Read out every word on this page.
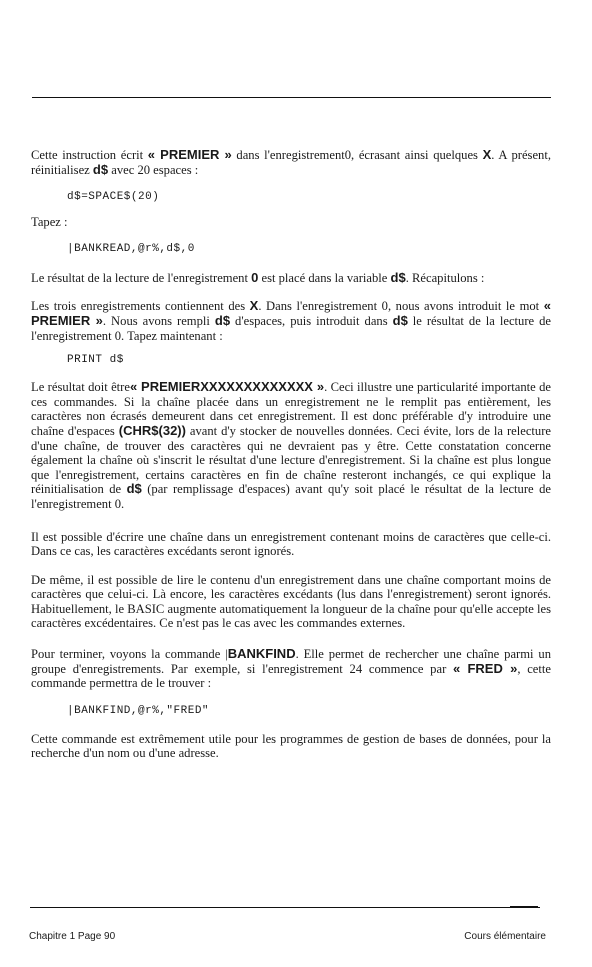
Cette instruction écrit « PREMIER » dans l'enregistrement0, écrasant ainsi quelques X. A présent, réinitialisez d$ avec 20 espaces :

d$=SPACE$(20)

Tapez :

|BANKREAD,@r%,d$,0

Le résultat de la lecture de l'enregistrement 0 est placé dans la variable d$. Récapitulons :

Les trois enregistrements contiennent des X. Dans l'enregistrement 0, nous avons introduit le mot « PREMIER ». Nous avons rempli d$ d'espaces, puis introduit dans d$ le résultat de la lecture de l'enregistrement 0. Tapez maintenant :

PRINT d$

Le résultat doit être« PREMIERXXXXXXXXXXXXX ». Ceci illustre une particularité importante de ces commandes. Si la chaîne placée dans un enregistrement ne le remplit pas entièrement, les caractères non écrasés demeurent dans cet enregistrement. Il est donc préférable d'y introduire une chaîne d'espaces (CHR$(32)) avant d'y stocker de nouvelles données. Ceci évite, lors de la relecture d'une chaîne, de trouver des caractères qui ne devraient pas y être. Cette constatation concerne également la chaîne où s'inscrit le résultat d'une lecture d'enregistrement. Si la chaîne est plus longue que l'enregistrement, certains caractères en fin de chaîne resteront inchangés, ce qui explique la réinitialisation de d$ (par remplissage d'espaces) avant qu'y soit placé le résultat de la lecture de l'enregistrement 0.

Il est possible d'écrire une chaîne dans un enregistrement contenant moins de caractères que celle-ci. Dans ce cas, les caractères excédants seront ignorés.

De même, il est possible de lire le contenu d'un enregistrement dans une chaîne comportant moins de caractères que celui-ci. Là encore, les caractères excédants (lus dans l'enregistrement) seront ignorés. Habituellement, le BASIC augmente automatiquement la longueur de la chaîne pour qu'elle accepte les caractères excédentaires. Ce n'est pas le cas avec les commandes externes.

Pour terminer, voyons la commande |BANKFIND. Elle permet de rechercher une chaîne parmi un groupe d'enregistrements. Par exemple, si l'enregistrement 24 commence par « FRED », cette commande permettra de le trouver :

|BANKFIND,@r%,"FRED"

Cette commande est extrêmement utile pour les programmes de gestion de bases de données, pour la recherche d'un nom ou d'une adresse.

Chapitre 1 Page 90	Cours élémentaire
